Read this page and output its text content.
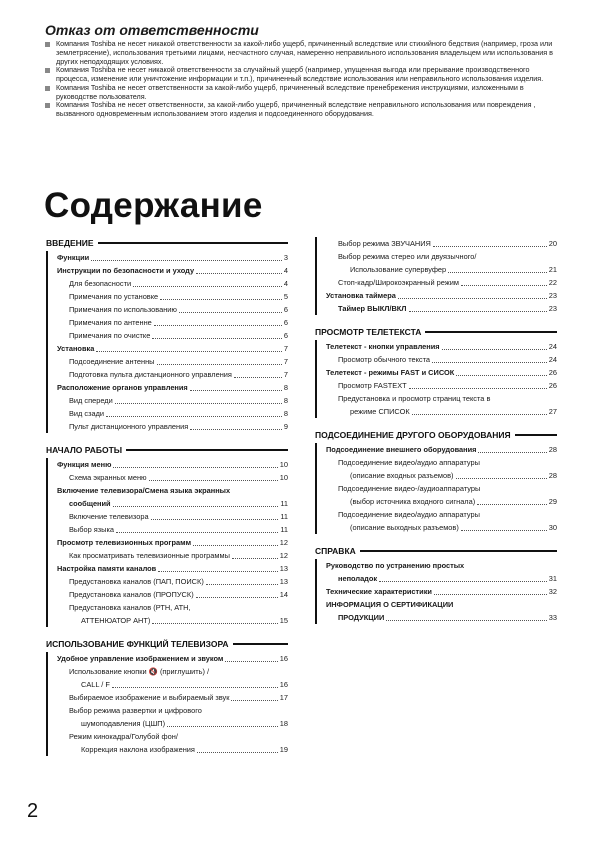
Отказ от ответственности
Компания Toshiba не несет никакой ответственности за какой-либо ущерб, причиненный вследствие или стихийного бедствия (например, гроза или землетрясение), использования третьими лицами, несчастного случая, намеренно неправильного использования владельцем или использования в других неподходящих условиях.
Компания Toshiba не несет никакой ответственности за случайный ущерб (например, упущенная выгода или прерывание производственного процесса, изменение или уничтожение информации и т.п.), причиненный вследствие использования или неправильного использования изделия.
Компания Toshiba не несет ответственности за какой-либо ущерб, причиненный вследствие пренебрежения инструкциями, изложенными в руководстве пользователя.
Компания Toshiba не несет ответственности, за какой-либо ущерб, причиненный вследствие неправильного использования или повреждения , вызванного одновременным использованием этого изделия и подсоединенного оборудования.
Содержание
ВВЕДЕНИЕ
Функции	3
Инструкции по безопасности и уходу	4
Для безопасности	4
Примечания по установке	5
Примечания по использованию	6
Примечания по антенне	6
Примечания по очистке	6
Установка	7
Подсоединение антенны	7
Подготовка пульта дистанционного управления	7
Расположение органов управления	8
Вид спереди	8
Вид сзади	8
Пульт дистанционного управления	9
НАЧАЛО РАБОТЫ
Функция меню	10
Схема экранных меню	10
Включение телевизора/Смена языка экранных
сообщений	11
Включение телевизора	11
Выбор языка	11
Просмотр телевизионных программ	12
Как просматривать телевизионные программы	12
Настройка памяти каналов	13
Предустановка каналов (ПАП, ПОИСК)	13
Предустановка каналов (ПРОПУСК)	14
Предустановка каналов (РТН, АТН,
АТТЕНЮАТОР АНТ)	15
ИСПОЛЬЗОВАНИЕ ФУНКЦИЙ ТЕЛЕВИЗОРА
Удобное управление изображением и звуком	16
Использование кнопки 🔇 (приглушить) /
CALL / F	16
Выбираемое изображение и выбираемый звук	17
Выбор режима развертки и цифрового
шумоподавления (ЦШП)	18
Режим кинокадра/Голубой фон/
Коррекция наклона изображения	19
Выбор режима ЗВУЧАНИЯ	20
Выбор режима стерео или двуязычного/
Использование супервуфер	21
Стоп-кадр/Широкоэкранный режим	22
Установка таймера	23
Таймер ВЫКЛ/ВКЛ	23
ПРОСМОТР ТЕЛЕТЕКСТА
Телетекст - кнопки управления	24
Просмотр обычного текста	24
Телетекст - режимы FAST и СИСОК	26
Просмотр FASTEXT	26
Предустановка и просмотр страниц текста в
режиме СПИСОК	27
ПОДСОЕДИНЕНИЕ ДРУГОГО ОБОРУДОВАНИЯ
Подсоединение внешнего оборудования	28
Подсоединение видео/аудио аппаратуры
(описание входных разъемов)	28
Подсоединение видео-/аудиоаппаратуры
(выбор источника входного сигнала)	29
Подсоединение видео/аудио аппаратуры
(описание выходных разъемов)	30
СПРАВКА
Руководство по устранению простых
неполадок	31
Технические характеристики	32
ИНФОРМАЦИЯ О СЕРТИФИКАЦИИ
ПРОДУКЦИИ	33
2
